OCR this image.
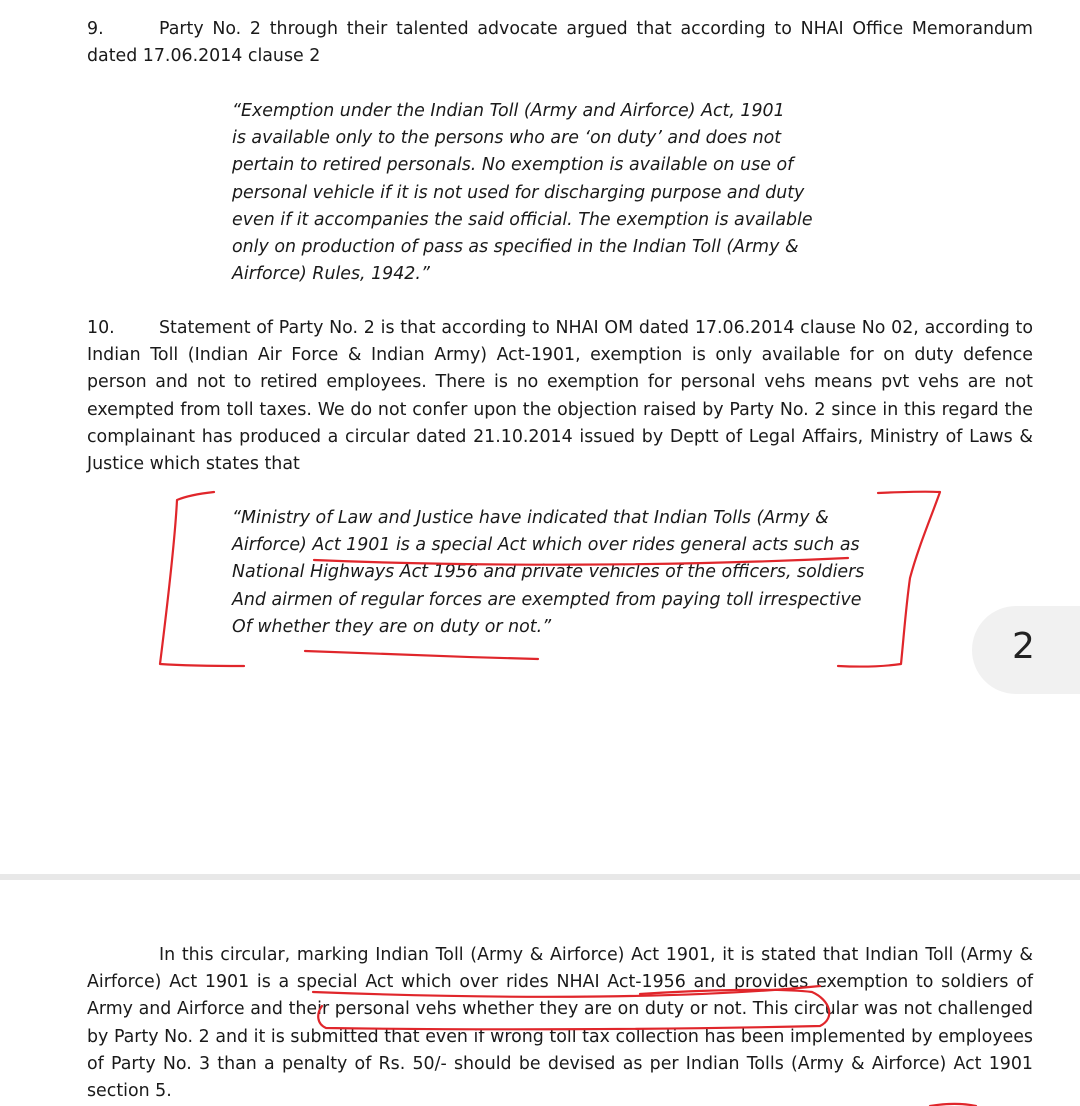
9.	Party No. 2 through their talented advocate argued that according to NHAI Office Memorandum dated 17.06.2014 clause 2

“Exemption under the Indian Toll (Army and Airforce) Act, 1901
is available only to the persons who are ‘on duty’ and does not
pertain to retired personals. No exemption is available on use of
personal vehicle if it is not used for discharging purpose and duty
even if it accompanies the said official. The exemption is available
only on production of pass as specified in the Indian Toll (Army &
Airforce) Rules, 1942.”

10.	Statement of Party No. 2 is that according to NHAI OM dated 17.06.2014 clause No 02, according to Indian Toll (Indian Air Force & Indian Army) Act-1901, exemption is only available for on duty defence person and not to retired employees. There is no exemption for personal vehs means pvt vehs are not exempted from toll taxes. We do not confer upon the objection raised by Party No. 2 since in this regard the complainant has produced a circular dated 21.10.2014 issued by Deptt of Legal Affairs, Ministry of Laws & Justice which states that

“Ministry of Law and Justice have indicated that Indian Tolls (Army &
Airforce) Act 1901 is a special Act which over rides general acts such as
National Highways Act 1956 and private vehicles of the officers, soldiers
And airmen of regular forces are exempted from paying toll irrespective
Of whether they are on duty or not.”	2

In this circular, marking Indian Toll (Army & Airforce) Act 1901, it is stated that Indian Toll (Army & Airforce) Act 1901 is a special Act which over rides NHAI Act-1956 and provides exemption to soldiers of Army and Airforce and their personal vehs whether they are on duty or not. This circular was not challenged by Party No. 2 and it is submitted that even if wrong toll tax collection has been implemented by employees of Party No. 3 than a penalty of Rs. 50/- should be devised as per Indian Tolls (Army & Airforce) Act 1901 section 5.
